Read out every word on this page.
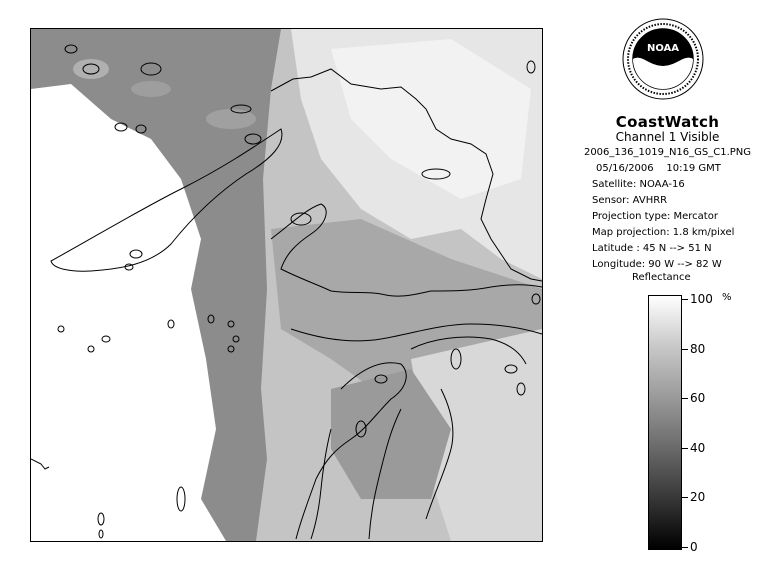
NOAA
CoastWatch
Channel 1 Visible
2006_136_1019_N16_GS_C1.PNG
05/16/2006 10:19 GMT
Satellite: NOAA-16
Sensor: AVHRR
Projection type: Mercator
Map projection: 1.8 km/pixel
Latitude : 45 N --> 51 N
Longitude: 90 W --> 82 W
Reflectance
%
100
80
60
40
20
0
